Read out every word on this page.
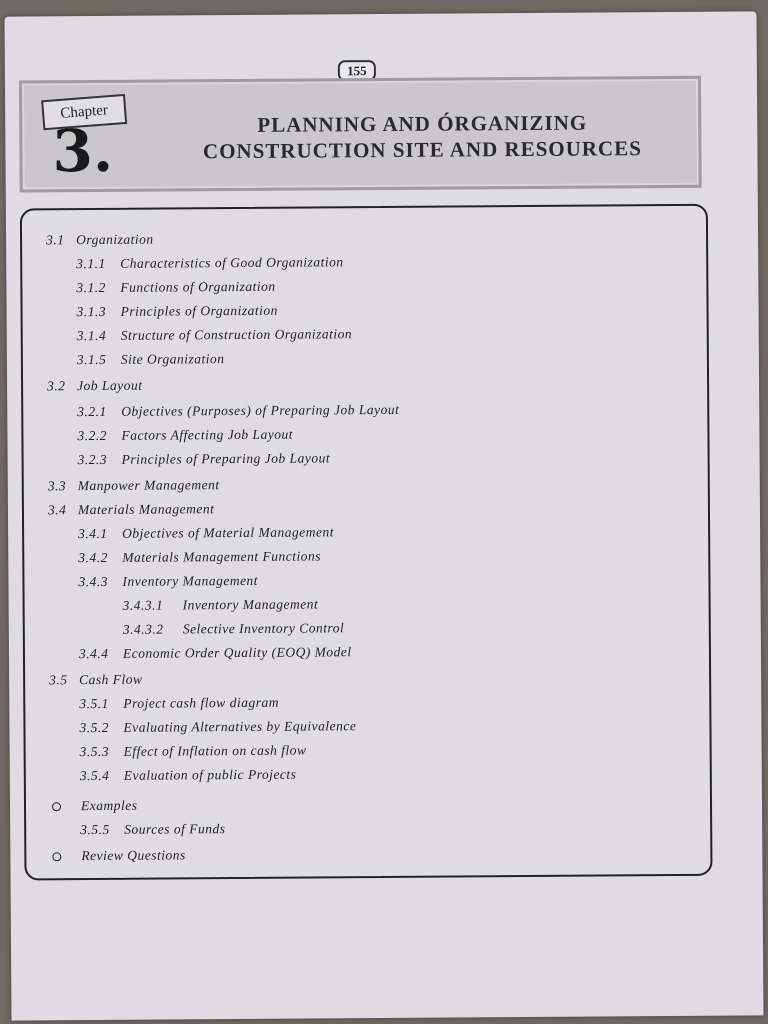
155
Chapter
3.	PLANNING AND ÓRGANIZING
CONSTRUCTION SITE AND RESOURCES
3.1 Organization
3.1.1 Characteristics of Good Organization
3.1.2 Functions of Organization
3.1.3 Principles of Organization
3.1.4 Structure of Construction Organization
3.1.5 Site Organization
3.2 Job Layout
3.2.1 Objectives (Purposes) of Preparing Job Layout
3.2.2 Factors Affecting Job Layout
3.2.3 Principles of Preparing Job Layout
3.3 Manpower Management
3.4 Materials Management
3.4.1 Objectives of Material Management
3.4.2 Materials Management Functions
3.4.3 Inventory Management
3.4.3.1 Inventory Management
3.4.3.2 Selective Inventory Control
3.4.4 Economic Order Quality (EOQ) Model
3.5 Cash Flow
3.5.1 Project cash flow diagram
3.5.2 Evaluating Alternatives by Equivalence
3.5.3 Effect of Inflation on cash flow
3.5.4 Evaluation of public Projects
Examples
3.5.5 Sources of Funds
Review Questions
